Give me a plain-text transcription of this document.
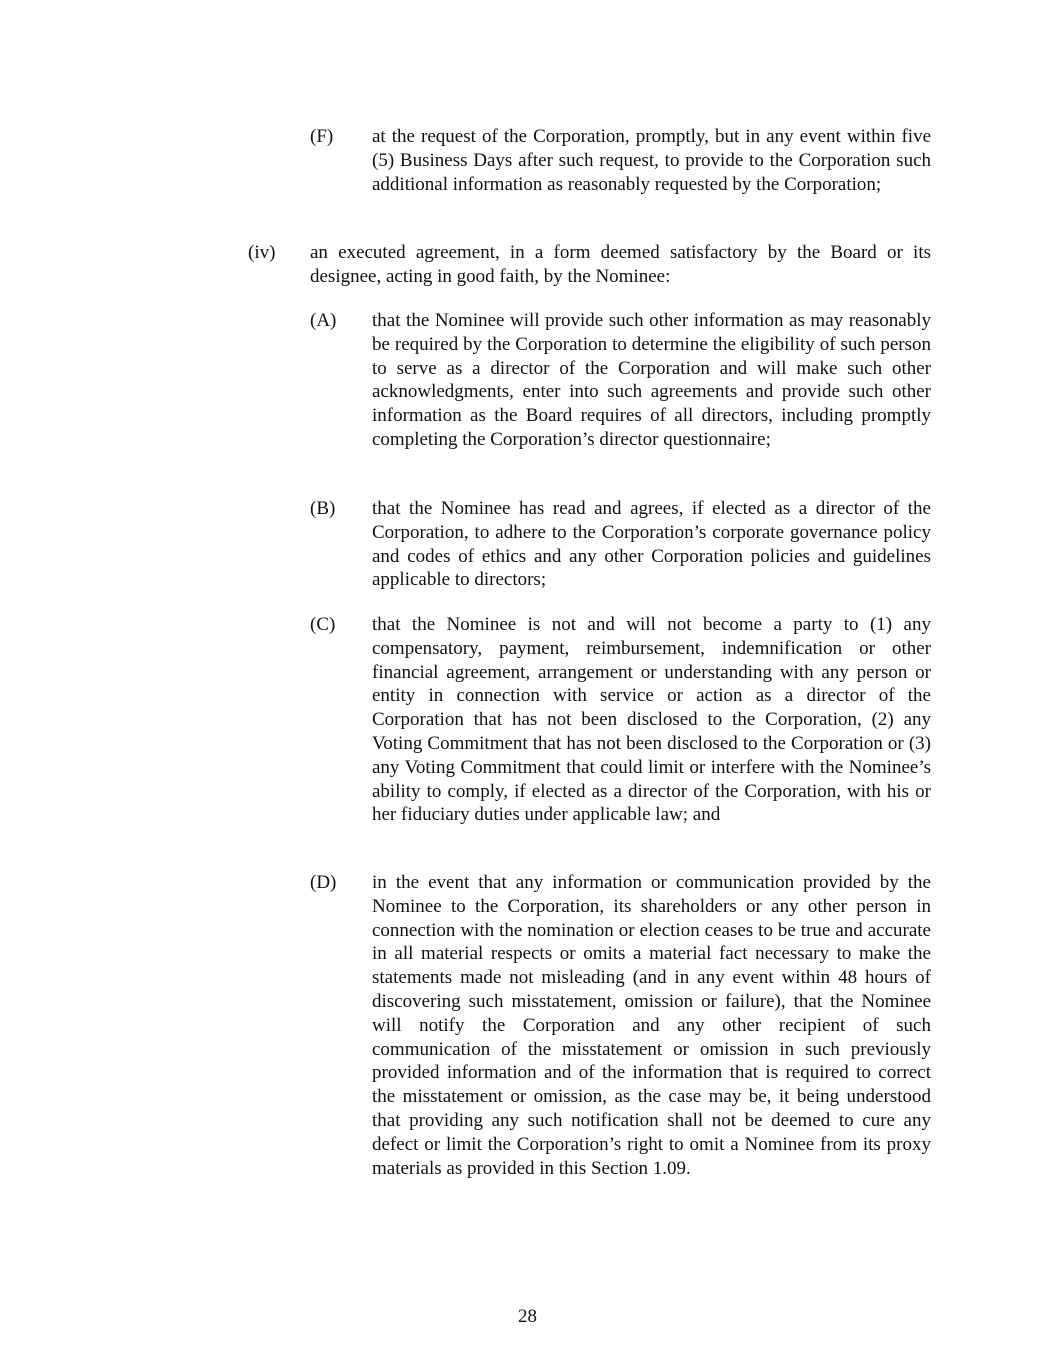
(F) at the request of the Corporation, promptly, but in any event within five (5) Business Days after such request, to provide to the Corporation such additional information as reasonably requested by the Corporation;
(iv) an executed agreement, in a form deemed satisfactory by the Board or its designee, acting in good faith, by the Nominee:
(A) that the Nominee will provide such other information as may reasonably be required by the Corporation to determine the eligibility of such person to serve as a director of the Corporation and will make such other acknowledgments, enter into such agreements and provide such other information as the Board requires of all directors, including promptly completing the Corporation’s director questionnaire;
(B) that the Nominee has read and agrees, if elected as a director of the Corporation, to adhere to the Corporation’s corporate governance policy and codes of ethics and any other Corporation policies and guidelines applicable to directors;
(C) that the Nominee is not and will not become a party to (1) any compensatory, payment, reimbursement, indemnification or other financial agreement, arrangement or understanding with any person or entity in connection with service or action as a director of the Corporation that has not been disclosed to the Corporation, (2) any Voting Commitment that has not been disclosed to the Corporation or (3) any Voting Commitment that could limit or interfere with the Nominee’s ability to comply, if elected as a director of the Corporation, with his or her fiduciary duties under applicable law; and
(D) in the event that any information or communication provided by the Nominee to the Corporation, its shareholders or any other person in connection with the nomination or election ceases to be true and accurate in all material respects or omits a material fact necessary to make the statements made not misleading (and in any event within 48 hours of discovering such misstatement, omission or failure), that the Nominee will notify the Corporation and any other recipient of such communication of the misstatement or omission in such previously provided information and of the information that is required to correct the misstatement or omission, as the case may be, it being understood that providing any such notification shall not be deemed to cure any defect or limit the Corporation’s right to omit a Nominee from its proxy materials as provided in this Section 1.09.
28
